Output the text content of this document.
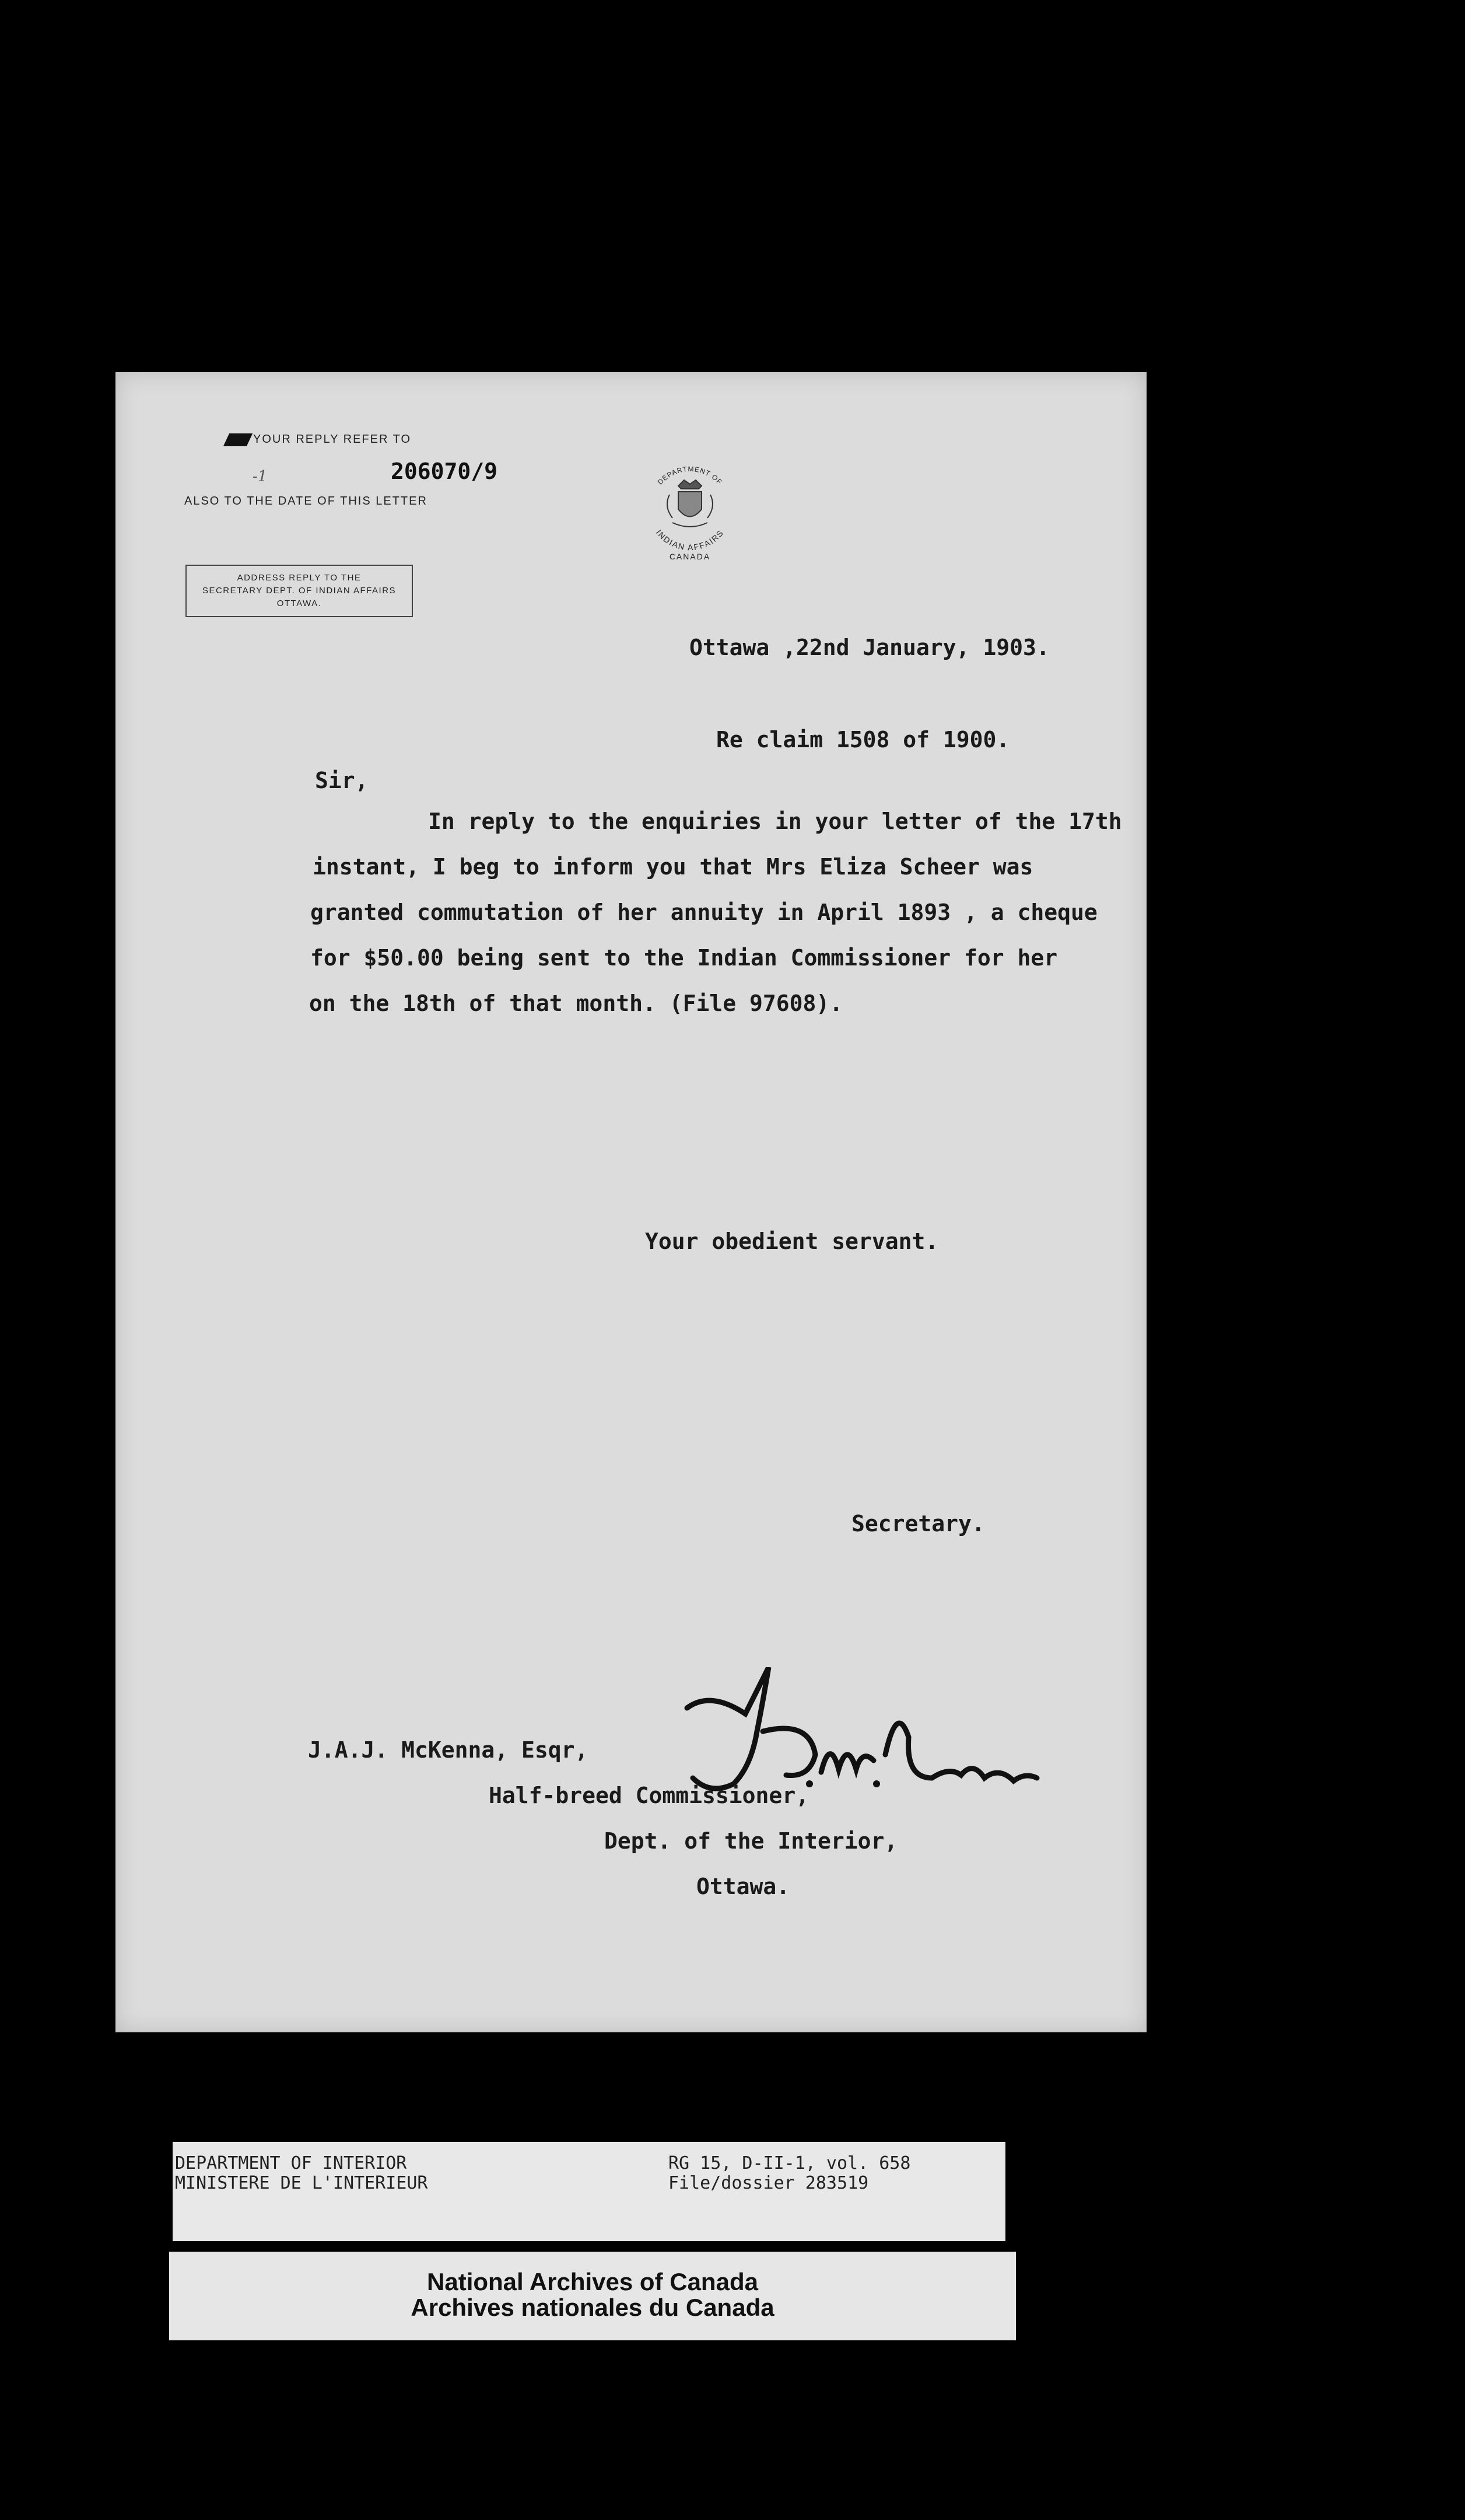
YOUR REPLY REFER TO
-1	206070/9
ALSO TO THE DATE OF THIS LETTER
ADDRESS REPLY TO THE
SECRETARY DEPT. OF INDIAN AFFAIRS
OTTAWA.
DEPARTMENT OF
INDIAN AFFAIRS
CANADA
Ottawa ,22nd January, 1903.
Re claim 1508 of 1900.
Sir,
In reply to the enquiries in your letter of the 17th
instant, I beg to inform you that Mrs Eliza Scheer was
granted commutation of her annuity in April 1893 , a cheque
for $50.00 being sent to the Indian Commissioner for her
on the 18th of that month. (File 97608).
Your obedient servant.
Secretary.
J.A.J. McKenna, Esqr,
Half-breed Commissioner,
Dept. of the Interior,
Ottawa.
DEPARTMENT OF INTERIOR
MINISTERE DE L'INTERIEUR
RG 15, D-II-1, vol. 658
File/dossier 283519
National Archives of Canada
Archives nationales du Canada
